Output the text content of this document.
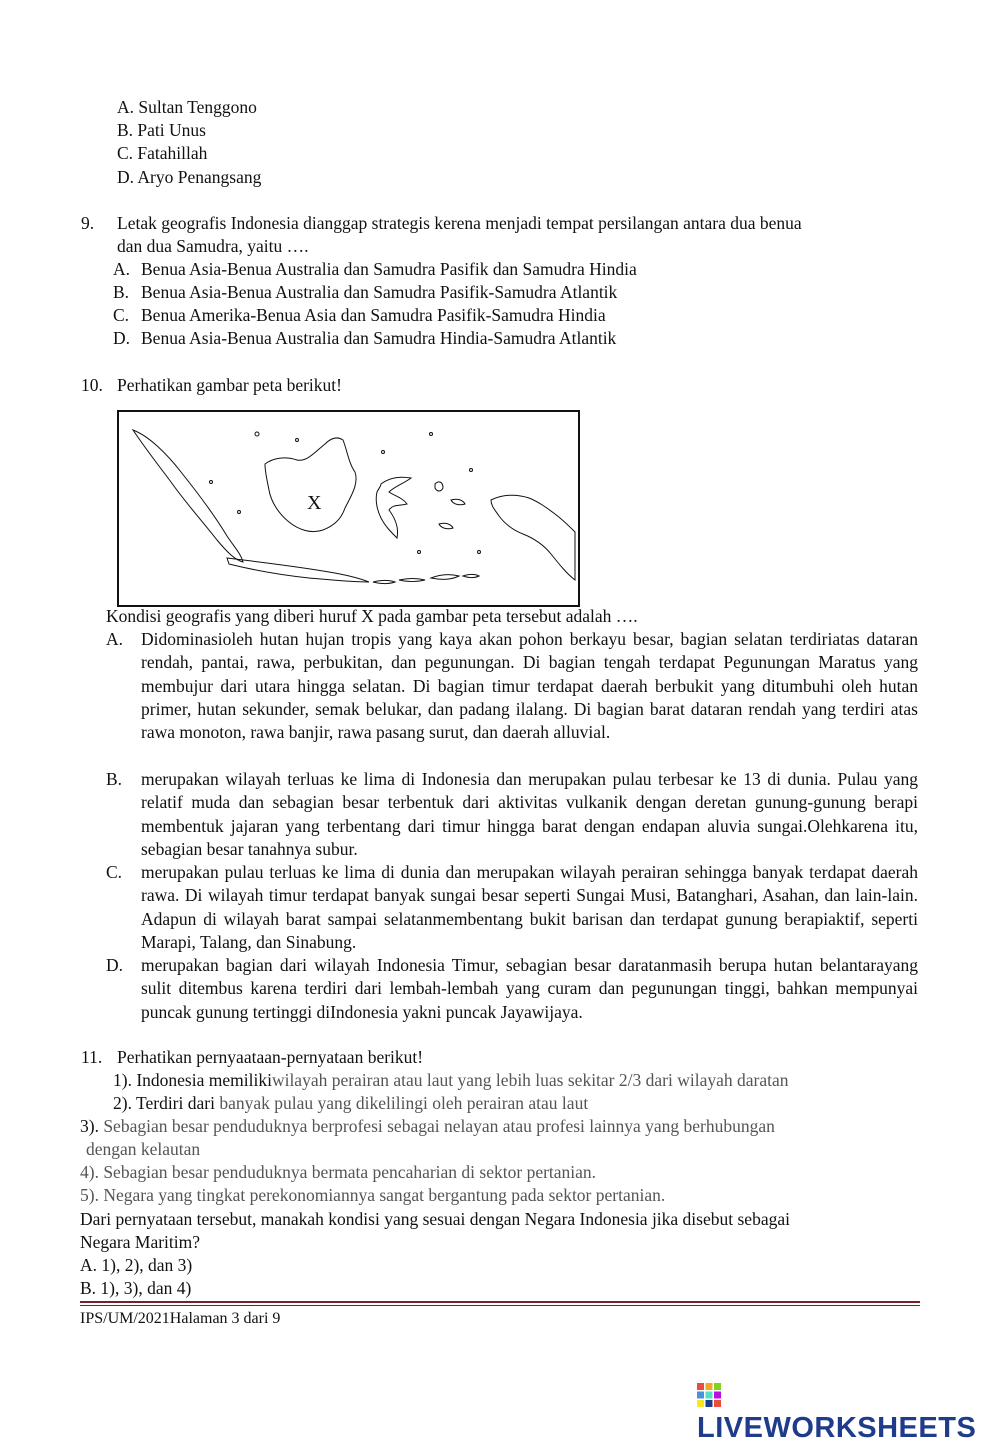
A. Sultan Tenggono
B. Pati Unus
C. Fatahillah
D. Aryo Penangsang
9. Letak geografis Indonesia dianggap strategis kerena menjadi tempat persilangan antara dua benua
dan dua Samudra, yaitu ….
A. Benua Asia-Benua Australia dan Samudra Pasifik dan Samudra Hindia
B. Benua Asia-Benua Australia dan Samudra Pasifik-Samudra Atlantik
C. Benua Amerika-Benua Asia dan Samudra Pasifik-Samudra Hindia
D. Benua Asia-Benua Australia dan Samudra Hindia-Samudra Atlantik
10. Perhatikan gambar peta berikut!
X
Kondisi geografis yang diberi huruf X pada gambar peta tersebut adalah ….
A. Didominasioleh hutan hujan tropis yang kaya akan pohon berkayu besar, bagian selatan terdiriatas dataran rendah, pantai, rawa, perbukitan, dan pegunungan. Di bagian tengah terdapat Pegunungan Maratus yang membujur dari utara hingga selatan. Di bagian timur terdapat daerah berbukit yang ditumbuhi oleh hutan primer, hutan sekunder, semak belukar, dan padang ilalang. Di bagian barat dataran rendah yang terdiri atas rawa monoton, rawa banjir, rawa pasang surut, dan daerah alluvial.
B. merupakan wilayah terluas ke lima di Indonesia dan merupakan pulau terbesar ke 13 di dunia. Pulau yang relatif muda dan sebagian besar terbentuk dari aktivitas vulkanik dengan deretan gunung-gunung berapi membentuk jajaran yang terbentang dari timur hingga barat dengan endapan aluvia sungai.Olehkarena itu, sebagian besar tanahnya subur.
C. merupakan pulau terluas ke lima di dunia dan merupakan wilayah perairan sehingga banyak terdapat daerah rawa. Di wilayah timur terdapat banyak sungai besar seperti Sungai Musi, Batanghari, Asahan, dan lain-lain. Adapun di wilayah barat sampai selatanmembentang bukit barisan dan terdapat gunung berapiaktif, seperti Marapi, Talang, dan Sinabung.
D. merupakan bagian dari wilayah Indonesia Timur, sebagian besar daratanmasih berupa hutan belantarayang sulit ditembus karena terdiri dari lembah-lembah yang curam dan pegunungan tinggi, bahkan mempunyai puncak gunung tertinggi diIndonesia yakni puncak Jayawijaya.
11. Perhatikan pernyaataan-pernyataan berikut!
1). Indonesia memilikiwilayah perairan atau laut yang lebih luas sekitar 2/3 dari wilayah daratan
2). Terdiri dari banyak pulau yang dikelilingi oleh perairan atau laut
3). Sebagian besar penduduknya berprofesi sebagai nelayan atau profesi lainnya yang berhubungan
dengan kelautan
4). Sebagian besar penduduknya bermata pencaharian di sektor pertanian.
5). Negara yang tingkat perekonomiannya sangat bergantung pada sektor pertanian.
Dari pernyataan tersebut, manakah kondisi yang sesuai dengan Negara Indonesia jika disebut sebagai
Negara Maritim?
A. 1), 2), dan 3)
B. 1), 3), dan 4)
IPS/UM/2021Halaman 3 dari 9
LIVEWORKSHEETS
